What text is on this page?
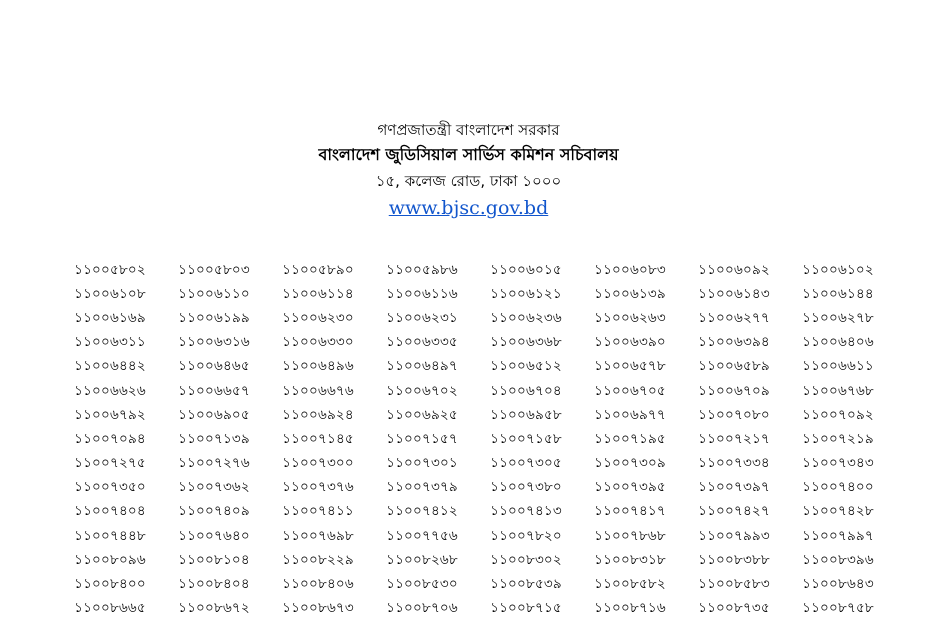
গণপ্রজাতন্ত্রী বাংলাদেশ সরকার
বাংলাদেশ জুডিসিয়াল সার্ভিস কমিশন সচিবালয়
১৫, কলেজ রোড, ঢাকা ১০০০
www.bjsc.gov.bd
১১০০৫৮০২	১১০০৫৮০৩	১১০০৫৮৯০	১১০০৫৯৮৬	১১০০৬০১৫	১১০০৬০৮৩	১১০০৬০৯২	১১০০৬১০২
১১০০৬১০৮	১১০০৬১১০	১১০০৬১১৪	১১০০৬১১৬	১১০০৬১২১	১১০০৬১৩৯	১১০০৬১৪৩	১১০০৬১৪৪
১১০০৬১৬৯	১১০০৬১৯৯	১১০০৬২৩০	১১০০৬২৩১	১১০০৬২৩৬	১১০০৬২৬৩	১১০০৬২৭৭	১১০০৬২৭৮
১১০০৬৩১১	১১০০৬৩১৬	১১০০৬৩৩০	১১০০৬৩৩৫	১১০০৬৩৬৮	১১০০৬৩৯০	১১০০৬৩৯৪	১১০০৬৪০৬
১১০০৬৪৪২	১১০০৬৪৬৫	১১০০৬৪৯৬	১১০০৬৪৯৭	১১০০৬৫১২	১১০০৬৫৭৮	১১০০৬৫৮৯	১১০০৬৬১১
১১০০৬৬২৬	১১০০৬৬৫৭	১১০০৬৬৭৬	১১০০৬৭০২	১১০০৬৭০৪	১১০০৬৭০৫	১১০০৬৭০৯	১১০০৬৭৬৮
১১০০৬৭৯২	১১০০৬৯০৫	১১০০৬৯২৪	১১০০৬৯২৫	১১০০৬৯৫৮	১১০০৬৯৭৭	১১০০৭০৮০	১১০০৭০৯২
১১০০৭০৯৪	১১০০৭১৩৯	১১০০৭১৪৫	১১০০৭১৫৭	১১০০৭১৫৮	১১০০৭১৯৫	১১০০৭২১৭	১১০০৭২১৯
১১০০৭২৭৫	১১০০৭২৭৬	১১০০৭৩০০	১১০০৭৩০১	১১০০৭৩০৫	১১০০৭৩০৯	১১০০৭৩৩৪	১১০০৭৩৪৩
১১০০৭৩৫০	১১০০৭৩৬২	১১০০৭৩৭৬	১১০০৭৩৭৯	১১০০৭৩৮০	১১০০৭৩৯৫	১১০০৭৩৯৭	১১০০৭৪০০
১১০০৭৪০৪	১১০০৭৪০৯	১১০০৭৪১১	১১০০৭৪১২	১১০০৭৪১৩	১১০০৭৪১৭	১১০০৭৪২৭	১১০০৭৪২৮
১১০০৭৪৪৮	১১০০৭৬৪০	১১০০৭৬৯৮	১১০০৭৭৫৬	১১০০৭৮২০	১১০০৭৮৬৮	১১০০৭৯৯৩	১১০০৭৯৯৭
১১০০৮০৯৬	১১০০৮১০৪	১১০০৮২২৯	১১০০৮২৬৮	১১০০৮৩০২	১১০০৮৩১৮	১১০০৮৩৮৮	১১০০৮৩৯৬
১১০০৮৪০০	১১০০৮৪০৪	১১০০৮৪০৬	১১০০৮৫৩০	১১০০৮৫৩৯	১১০০৮৫৮২	১১০০৮৫৮৩	১১০০৮৬৪৩
১১০০৮৬৬৫	১১০০৮৬৭২	১১০০৮৬৭৩	১১০০৮৭০৬	১১০০৮৭১৫	১১০০৮৭১৬	১১০০৮৭৩৫	১১০০৮৭৫৮
